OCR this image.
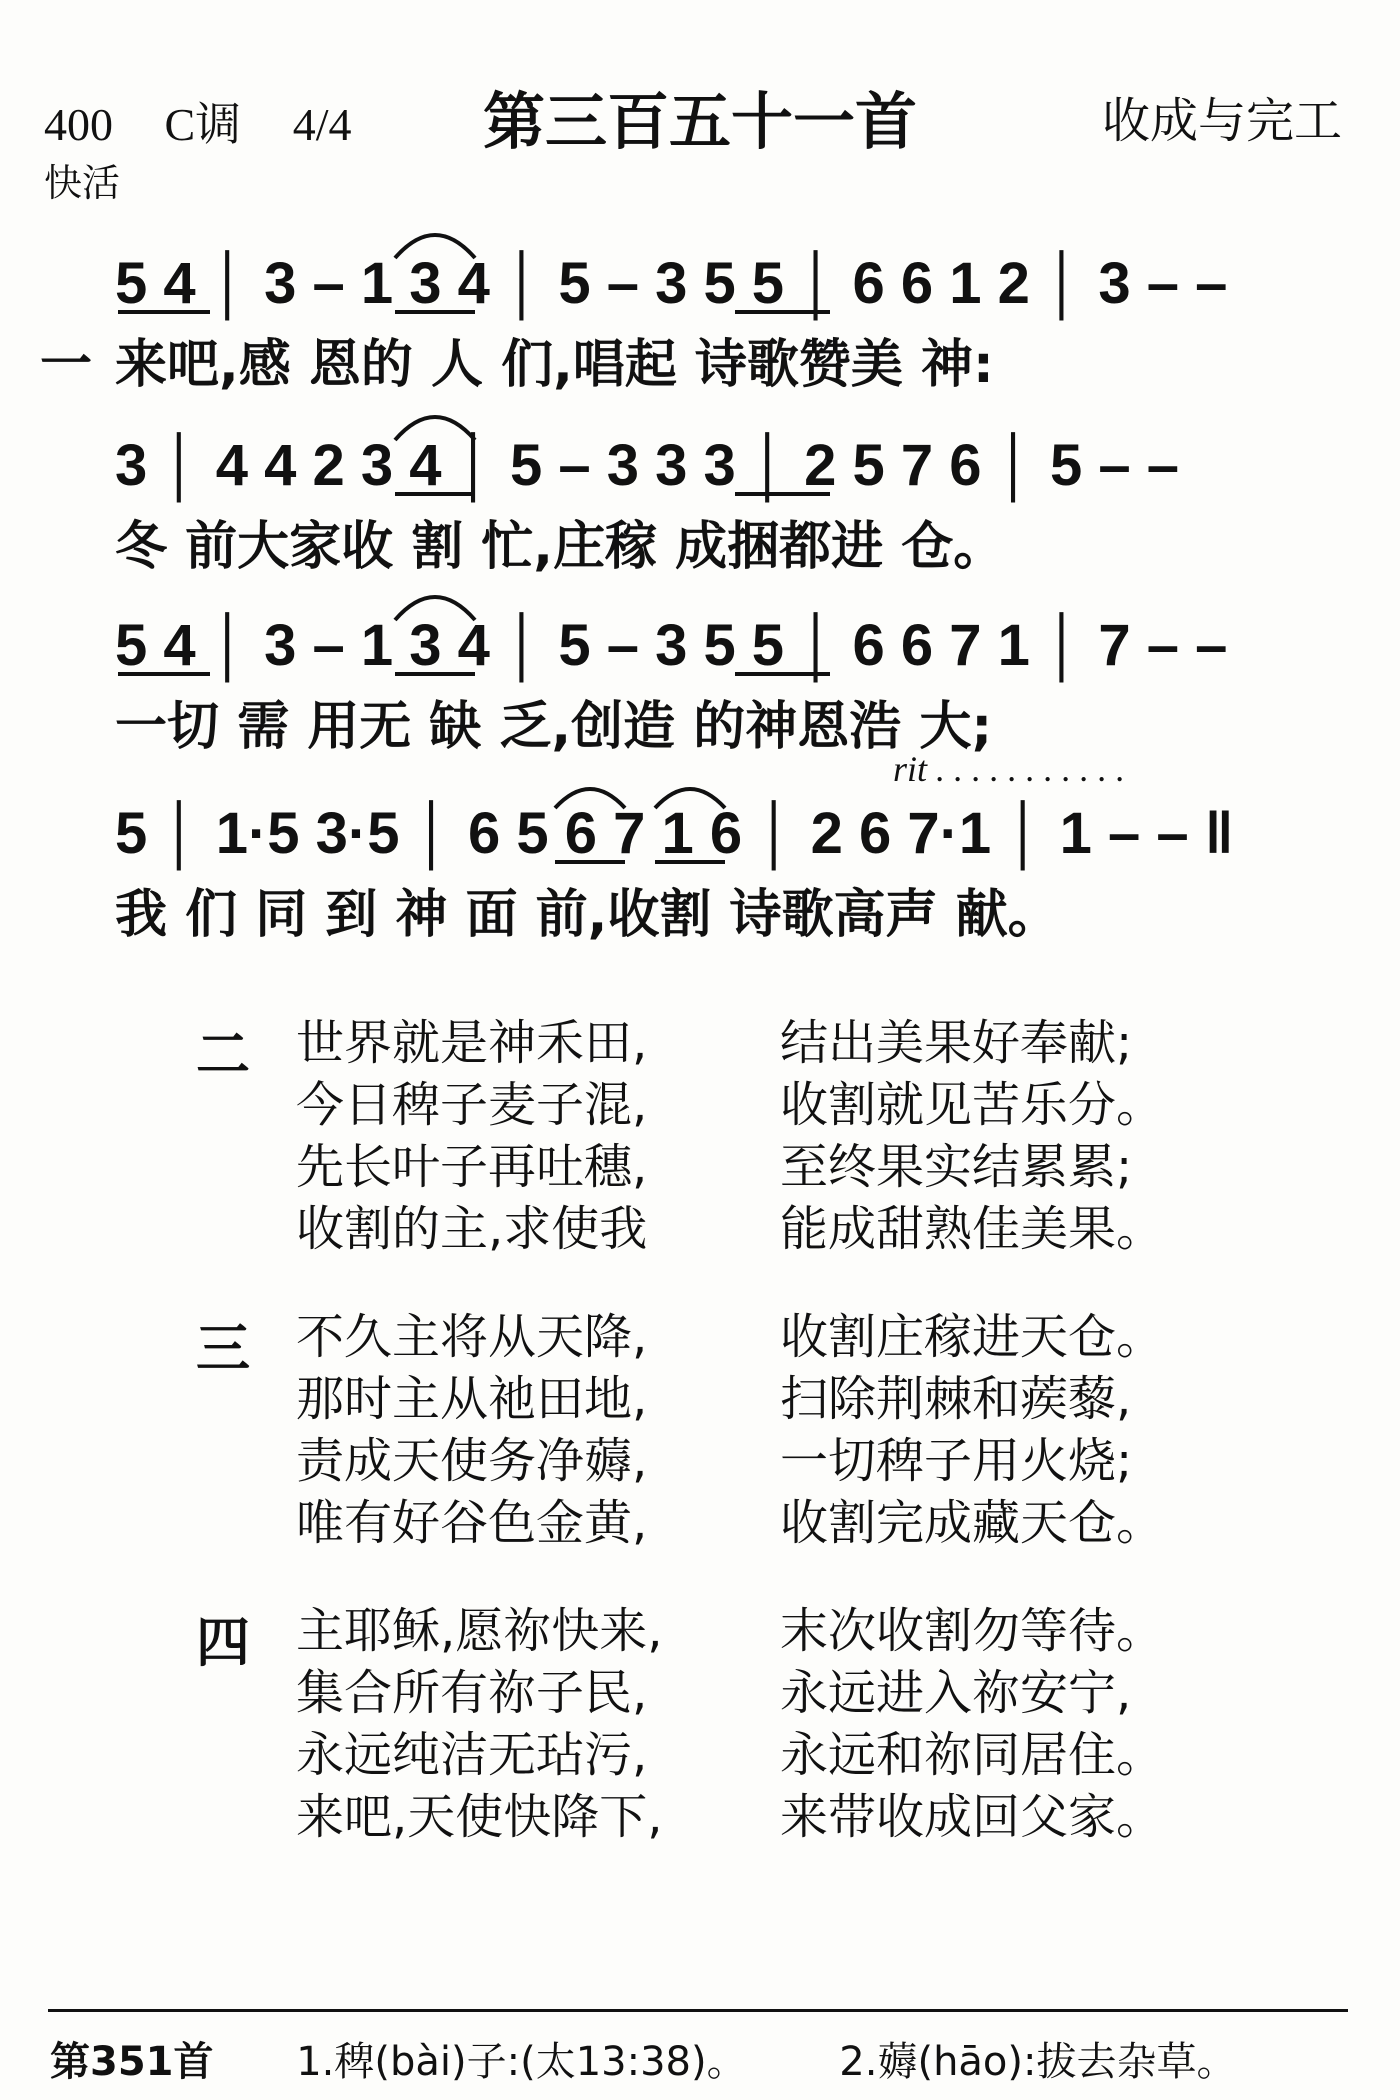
400 C调 4/4
快活
第三百五十一首	收成与完工
5 4 │ 3 – 1 3 4 │ 5 – 3 5 5 │ 6 6 1 2 │ 3 – –
一 来吧,感 恩的 人 们,唱起 诗歌赞美 神:
3 │ 4 4 2 3 4 │ 5 – 3 3 3 │ 2 5 7 6 │ 5 – –
冬 前大家收 割 忙,庄稼 成捆都进 仓。
5 4 │ 3 – 1 3 4 │ 5 – 3 5 5 │ 6 6 7 1 │ 7 – –
一切 需 用无 缺 乏,创造 的神恩浩 大;
rit . . . . . . . . . . .
5 │ 1·5 3·5 │ 6 5 6 7 1 6 │ 2 6 7·1 │ 1 – – ‖
我 们 同 到 神 面 前,收割 诗歌高声 献。
二 世界就是神禾田,
今日稗子麦子混,
先长叶子再吐穗,
收割的主,求使我
结出美果好奉献;
收割就见苦乐分。
至终果实结累累;
能成甜熟佳美果。
三 不久主将从天降,
那时主从祂田地,
责成天使务净薅,
唯有好谷色金黄,
收割庄稼进天仓。
扫除荆棘和蒺藜,
一切稗子用火烧;
收割完成藏天仓。
四 主耶稣,愿祢快来,
集合所有祢子民,
永远纯洁无玷污,
来吧,天使快降下,
末次收割勿等待。
永远进入祢安宁,
永远和祢同居住。
来带收成回父家。
第351首 1.稗(bài)子:(太13:38)。 2.薅(hāo):拔去杂草。
